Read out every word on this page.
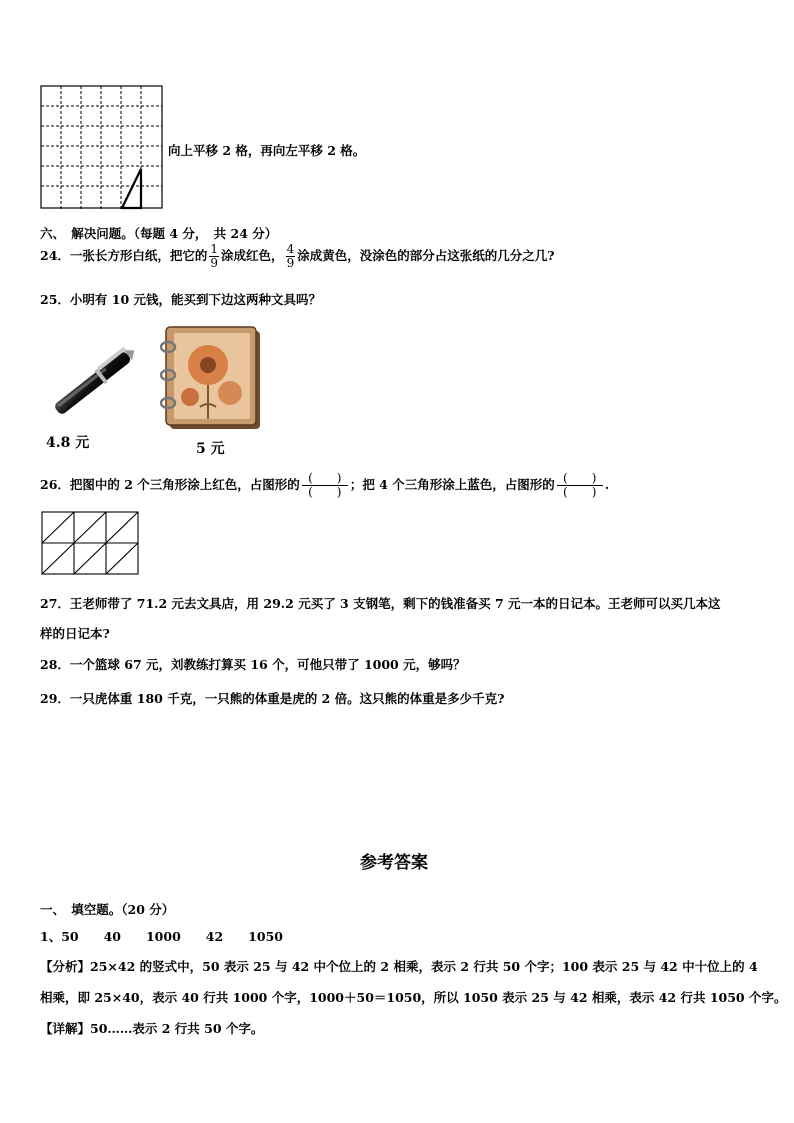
向上平移 2 格，再向左平移 2 格。
六、　解决问题。（每题 4 分，　共 24 分）
24．一张长方形白纸，把它的 $\frac{1}{9}$ 涂成红色， $\frac{4}{9}$ 涂成黄色，没涂色的部分占这张纸的几分之几?
25．小明有 10 元钱，能买到下边这两种文具吗？
4.8 元	5 元
26．把图中的 2 个三角形涂上红色，占图形的 $\frac{( )}{( )}$ ；把 4 个三角形涂上蓝色，占图形的 $\frac{( )}{( )}$ .
27．王老师带了 71.2 元去文具店，用 29.2 元买了 3 支钢笔，剩下的钱准备买 7 元一本的日记本。王老师可以买几本这
样的日记本?
28．一个篮球 67 元，刘教练打算买 16 个，可他只带了 1000 元，够吗？
29．一只虎体重 180 千克，一只熊的体重是虎的 2 倍。这只熊的体重是多少千克?
参考答案
一、　填空题。（20 分）
1、50　　40　　1000　　42　　1050
【分析】25×42 的竖式中，50 表示 25 与 42 中个位上的 2 相乘，表示 2 行共 50 个字；100 表示 25 与 42 中十位上的 4
相乘，即 25×40，表示 40 行共 1000 个字，1000＋50＝1050，所以 1050 表示 25 与 42 相乘，表示 42 行共 1050 个字。
【详解】50……表示 2 行共 50 个字。
